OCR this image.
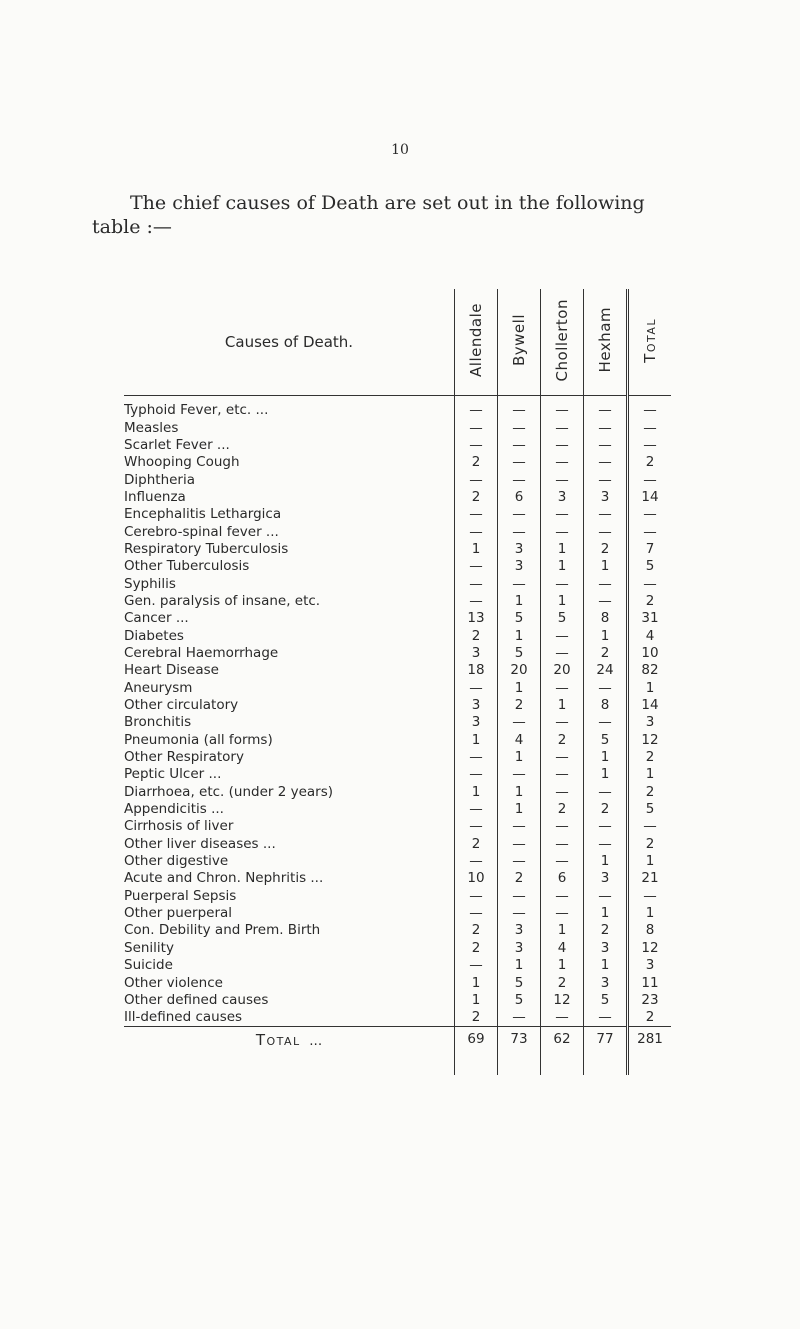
10
The chief causes of Death are set out in the following
table :—
Causes of Death.	Allendale	Bywell	Chollerton	Hexham	Total
Typhoid Fever, etc. ...	—	—	—	—	—
Measles	—	—	—	—	—
Scarlet Fever ...	—	—	—	—	—
Whooping Cough	2	—	—	—	2
Diphtheria	—	—	—	—	—
Influenza	2	6	3	3	14
Encephalitis Lethargica	—	—	—	—	—
Cerebro-spinal fever ...	—	—	—	—	—
Respiratory Tuberculosis	1	3	1	2	7
Other Tuberculosis	—	3	1	1	5
Syphilis	—	—	—	—	—
Gen. paralysis of insane, etc.	—	1	1	—	2
Cancer ...	13	5	5	8	31
Diabetes	2	1	—	1	4
Cerebral Haemorrhage	3	5	—	2	10
Heart Disease	18	20	20	24	82
Aneurysm	—	1	—	—	1
Other circulatory	3	2	1	8	14
Bronchitis	3	—	—	—	3
Pneumonia (all forms)	1	4	2	5	12
Other Respiratory	—	1	—	1	2
Peptic Ulcer ...	—	—	—	1	1
Diarrhoea, etc. (under 2 years)	1	1	—	—	2
Appendicitis ...	—	1	2	2	5
Cirrhosis of liver	—	—	—	—	—
Other liver diseases ...	2	—	—	—	2
Other digestive	—	—	—	1	1
Acute and Chron. Nephritis ...	10	2	6	3	21
Puerperal Sepsis	—	—	—	—	—
Other puerperal	—	—	—	1	1
Con. Debility and Prem. Birth	2	3	1	2	8
Senility	2	3	4	3	12
Suicide	—	1	1	1	3
Other violence	1	5	2	3	11
Other defined causes	1	5	12	5	23
Ill-defined causes	2	—	—	—	2
Total  ...	69	73	62	77	281
